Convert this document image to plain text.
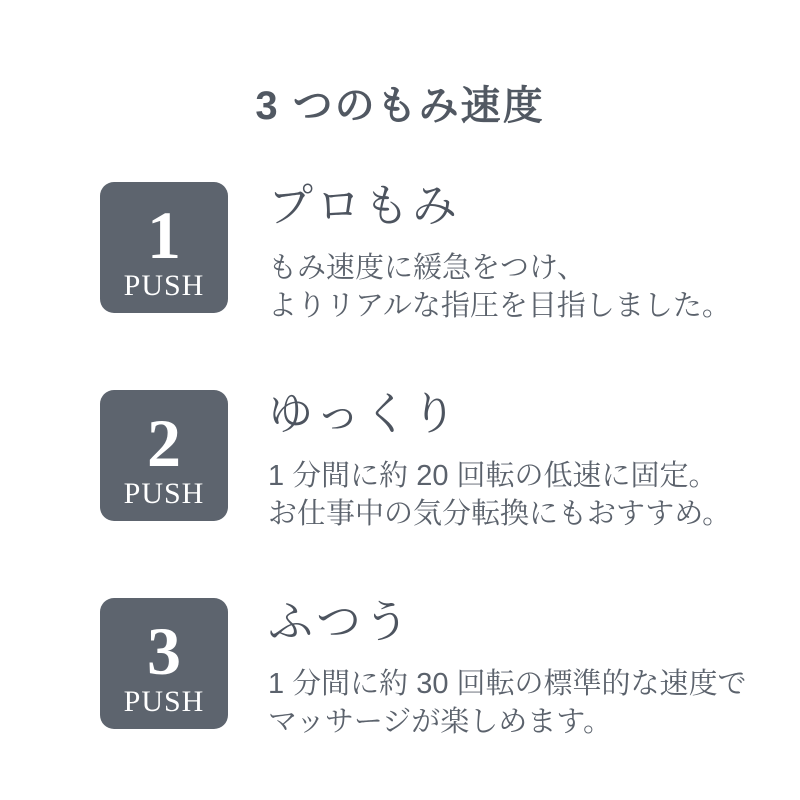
3 つのもみ速度
1
PUSH
プロもみ

もみ速度に緩急をつけ、
よりリアルな指圧を目指しました。

2
PUSH
ゆっくり

1 分間に約 20 回転の低速に固定。
お仕事中の気分転換にもおすすめ。

3
PUSH
ふつう

1 分間に約 30 回転の標準的な速度で
マッサージが楽しめます。
